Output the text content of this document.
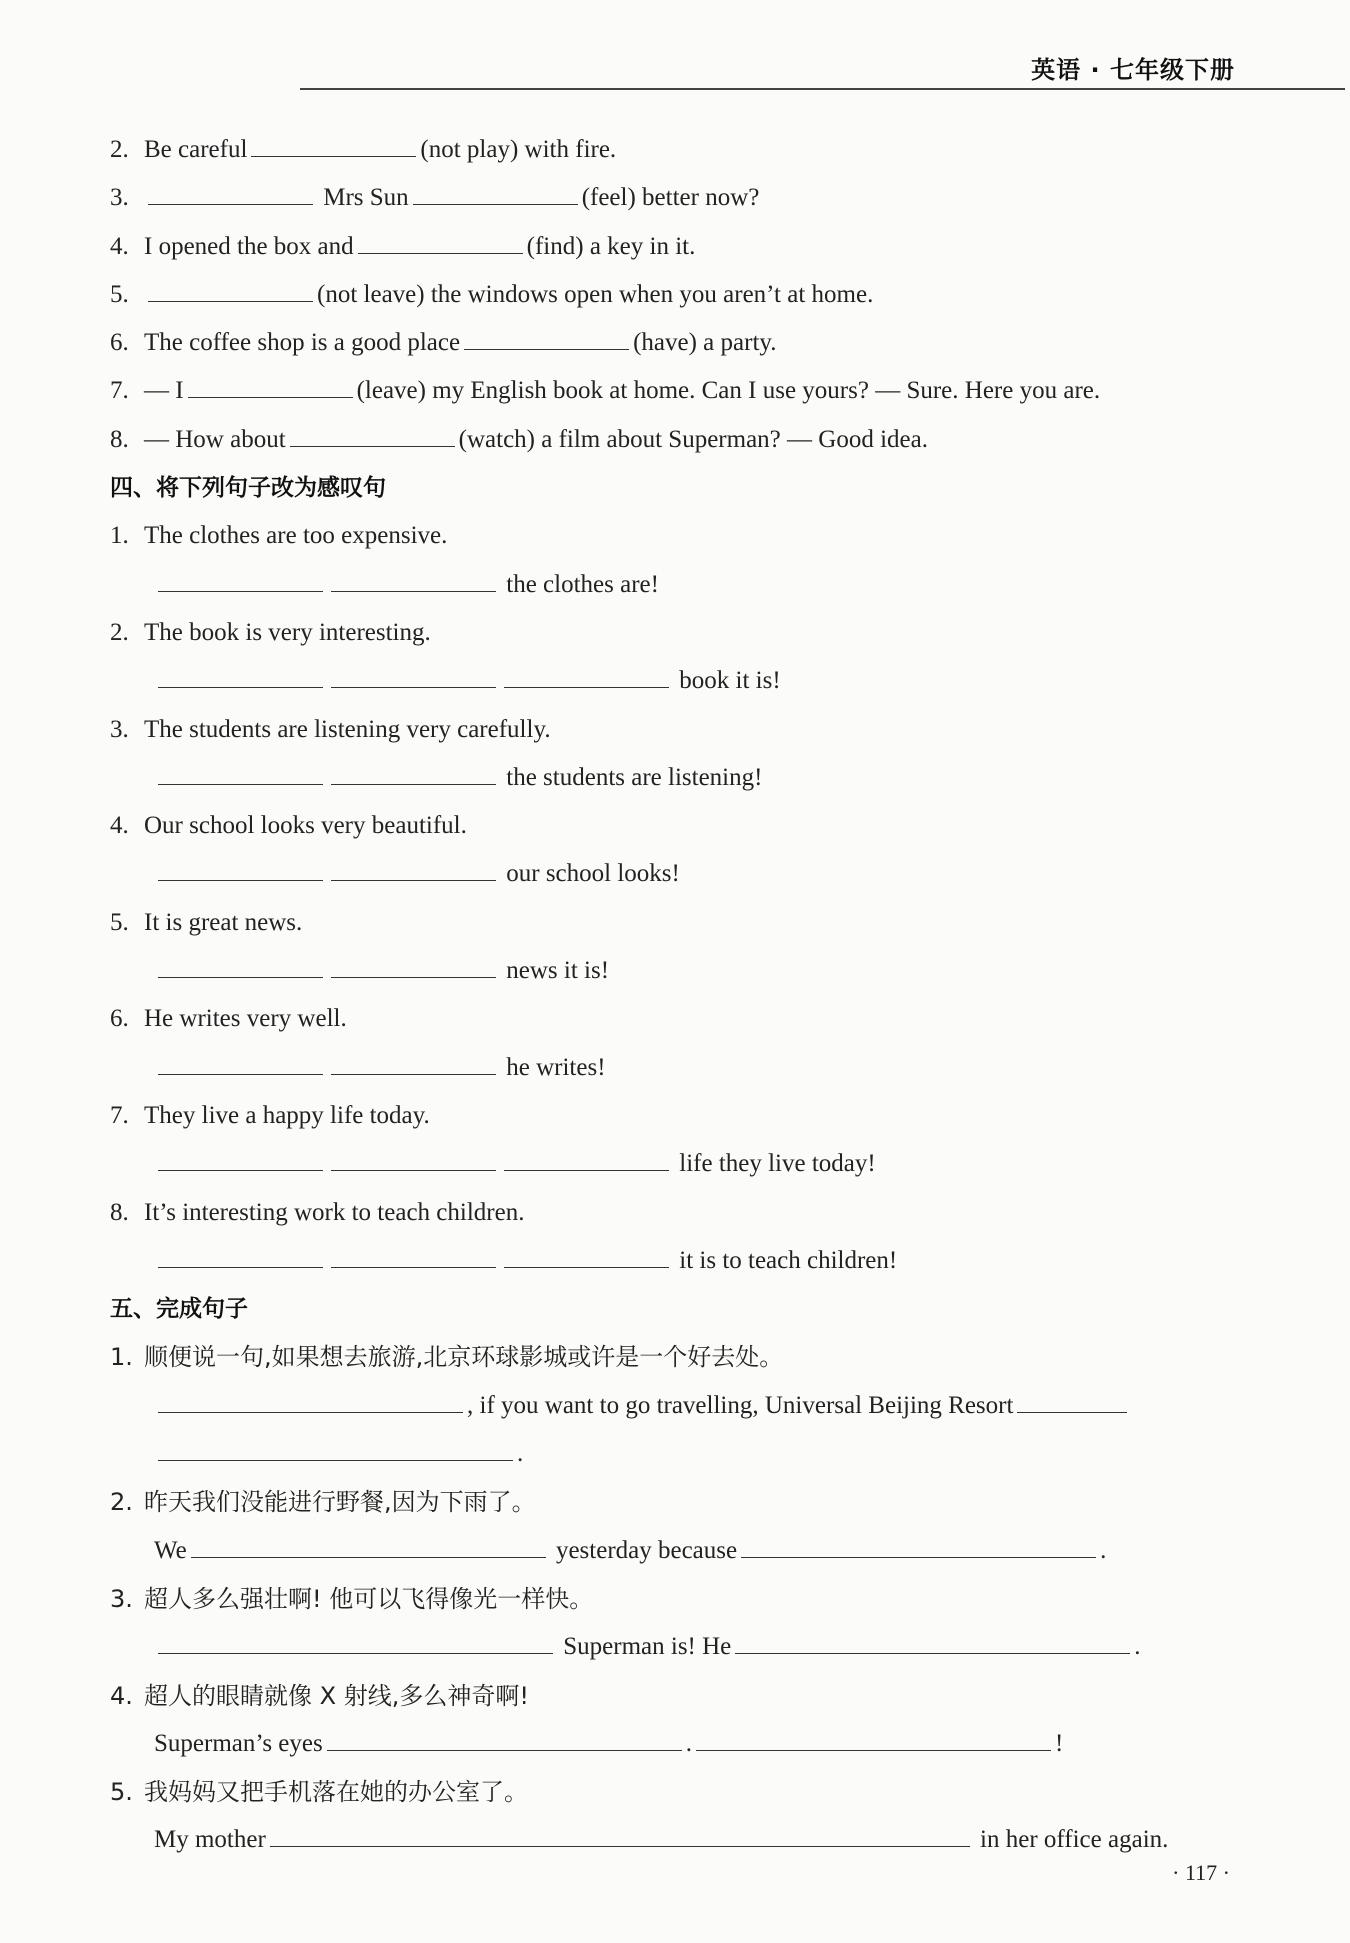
英语 · 七年级下册
2. Be careful	(not play) with fire.
3.	Mrs Sun	(feel) better now?
4. I opened the box and	(find) a key in it.
5.	(not leave) the windows open when you aren’t at home.
6. The coffee shop is a good place	(have) a party.
7. — I	(leave) my English book at home. Can I use yours? — Sure. Here you are.
8. — How about	(watch) a film about Superman? — Good idea.
四、将下列句子改为感叹句
1. The clothes are too expensive.
the clothes are!
2. The book is very interesting.
book it is!
3. The students are listening very carefully.
the students are listening!
4. Our school looks very beautiful.
our school looks!
5. It is great news.
news it is!
6. He writes very well.
he writes!
7. They live a happy life today.
life they live today!
8. It’s interesting work to teach children.
it is to teach children!
五、完成句子
1. 顺便说一句,如果想去旅游,北京环球影城或许是一个好去处。
, if you want to go travelling, Universal Beijing Resort
.
2. 昨天我们没能进行野餐,因为下雨了。
We	yesterday because	.
3. 超人多么强壮啊! 他可以飞得像光一样快。
Superman is! He	.
4. 超人的眼睛就像 X 射线,多么神奇啊!
Superman’s eyes	.	!
5. 我妈妈又把手机落在她的办公室了。
My mother	in her office again.
· 117 ·
